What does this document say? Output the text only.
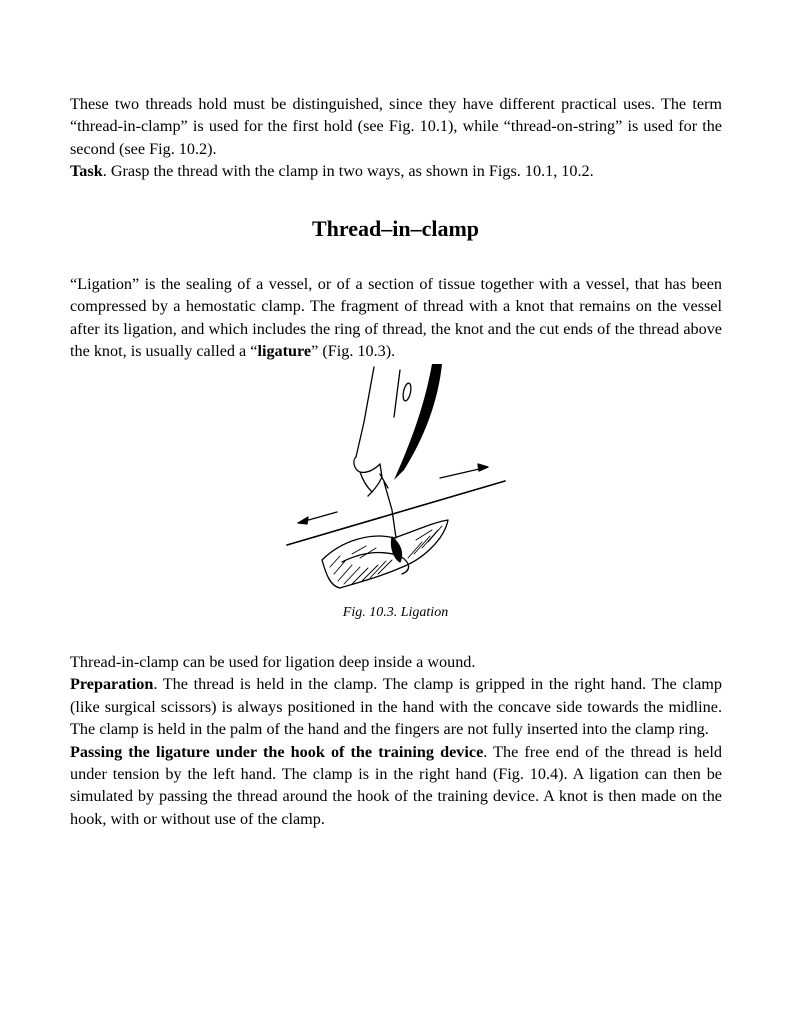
These two threads hold must be distinguished, since they have different practical uses. The term “thread-in-clamp” is used for the first hold (see Fig. 10.1), while “thread-on-string” is used for the second (see Fig. 10.2).

Task. Grasp the thread with the clamp in two ways, as shown in Figs. 10.1, 10.2.

Thread–in–clamp

“Ligation” is the sealing of a vessel, or of a section of tissue together with a vessel, that has been compressed by a hemostatic clamp. The fragment of thread with a knot that remains on the vessel after its ligation, and which includes the ring of thread, the knot and the cut ends of the thread above the knot, is usually called a “ligature” (Fig. 10.3).

Fig. 10.3. Ligation

Thread-in-clamp can be used for ligation deep inside a wound.

Preparation. The thread is held in the clamp. The clamp is gripped in the right hand. The clamp (like surgical scissors) is always positioned in the hand with the concave side towards the midline. The clamp is held in the palm of the hand and the fingers are not fully inserted into the clamp ring.

Passing the ligature under the hook of the training device. The free end of the thread is held under tension by the left hand. The clamp is in the right hand (Fig. 10.4). A ligation can then be simulated by passing the thread around the hook of the training device. A knot is then made on the hook, with or without use of the clamp.
